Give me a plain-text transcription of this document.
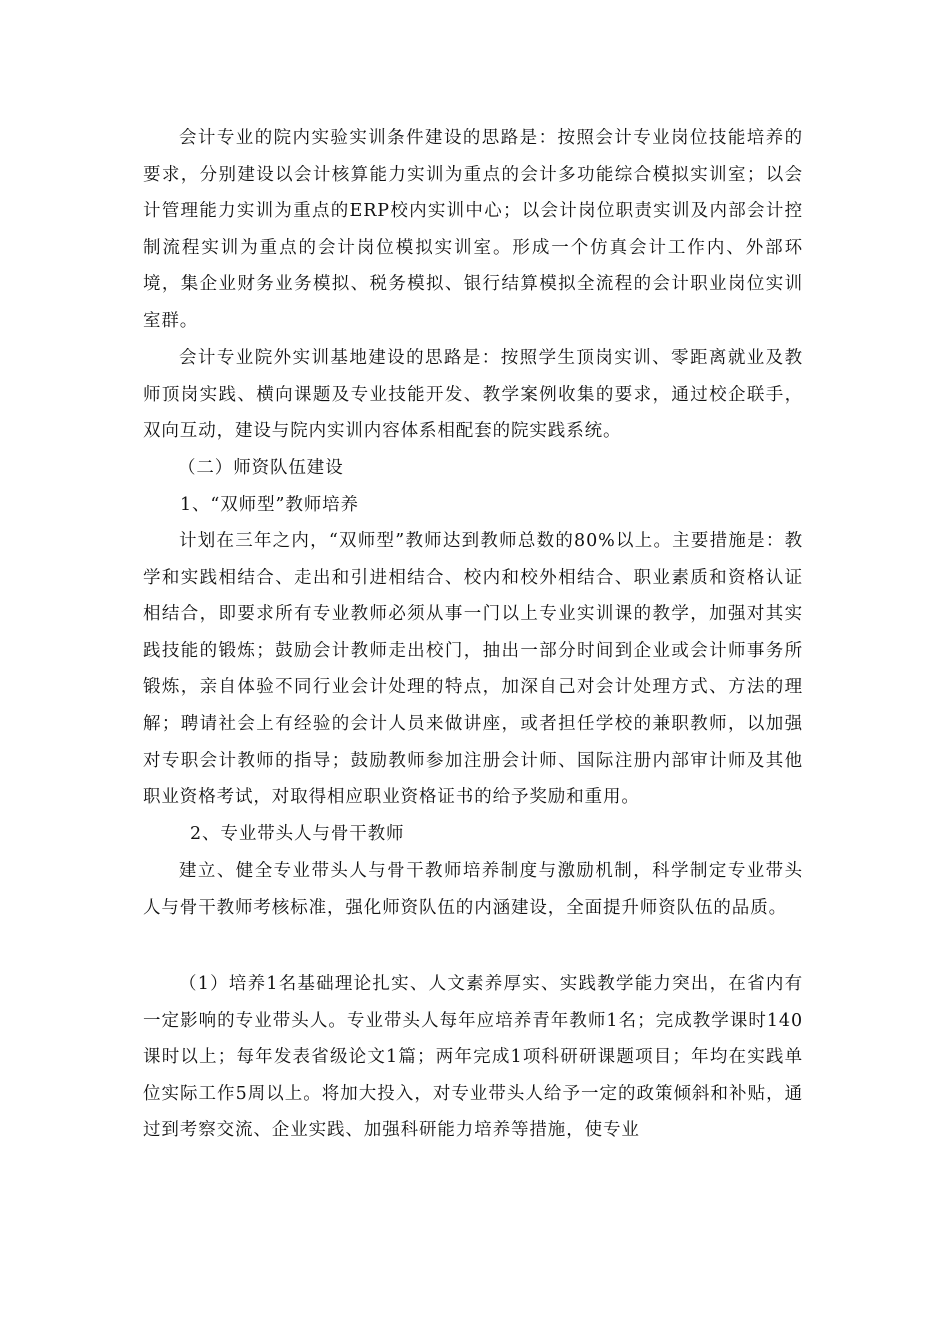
会计专业的院内实验实训条件建设的思路是：按照会计专业岗位技能培养的要求，分别建设以会计核算能力实训为重点的会计多功能综合模拟实训室；以会计管理能力实训为重点的ERP校内实训中心；以会计岗位职责实训及内部会计控制流程实训为重点的会计岗位模拟实训室。形成一个仿真会计工作内、外部环境，集企业财务业务模拟、税务模拟、银行结算模拟全流程的会计职业岗位实训室群。

会计专业院外实训基地建设的思路是：按照学生顶岗实训、零距离就业及教师顶岗实践、横向课题及专业技能开发、教学案例收集的要求，通过校企联手，双向互动，建设与院内实训内容体系相配套的院实践系统。

（二）师资队伍建设

1、“双师型”教师培养

计划在三年之内，“双师型”教师达到教师总数的80%以上。主要措施是：教学和实践相结合、走出和引进相结合、校内和校外相结合、职业素质和资格认证相结合，即要求所有专业教师必须从事一门以上专业实训课的教学，加强对其实践技能的锻炼；鼓励会计教师走出校门，抽出一部分时间到企业或会计师事务所锻炼，亲自体验不同行业会计处理的特点，加深自己对会计处理方式、方法的理解；聘请社会上有经验的会计人员来做讲座，或者担任学校的兼职教师，以加强对专职会计教师的指导；鼓励教师参加注册会计师、国际注册内部审计师及其他职业资格考试，对取得相应职业资格证书的给予奖励和重用。

2、专业带头人与骨干教师

建立、健全专业带头人与骨干教师培养制度与激励机制，科学制定专业带头人与骨干教师考核标准，强化师资队伍的内涵建设，全面提升师资队伍的品质。

（1）培养1名基础理论扎实、人文素养厚实、实践教学能力突出，在省内有一定影响的专业带头人。专业带头人每年应培养青年教师1名；完成教学课时140课时以上；每年发表省级论文1篇；两年完成1项科研研课题项目；年均在实践单位实际工作5周以上。将加大投入，对专业带头人给予一定的政策倾斜和补贴，通过到考察交流、企业实践、加强科研能力培养等措施，使专业
